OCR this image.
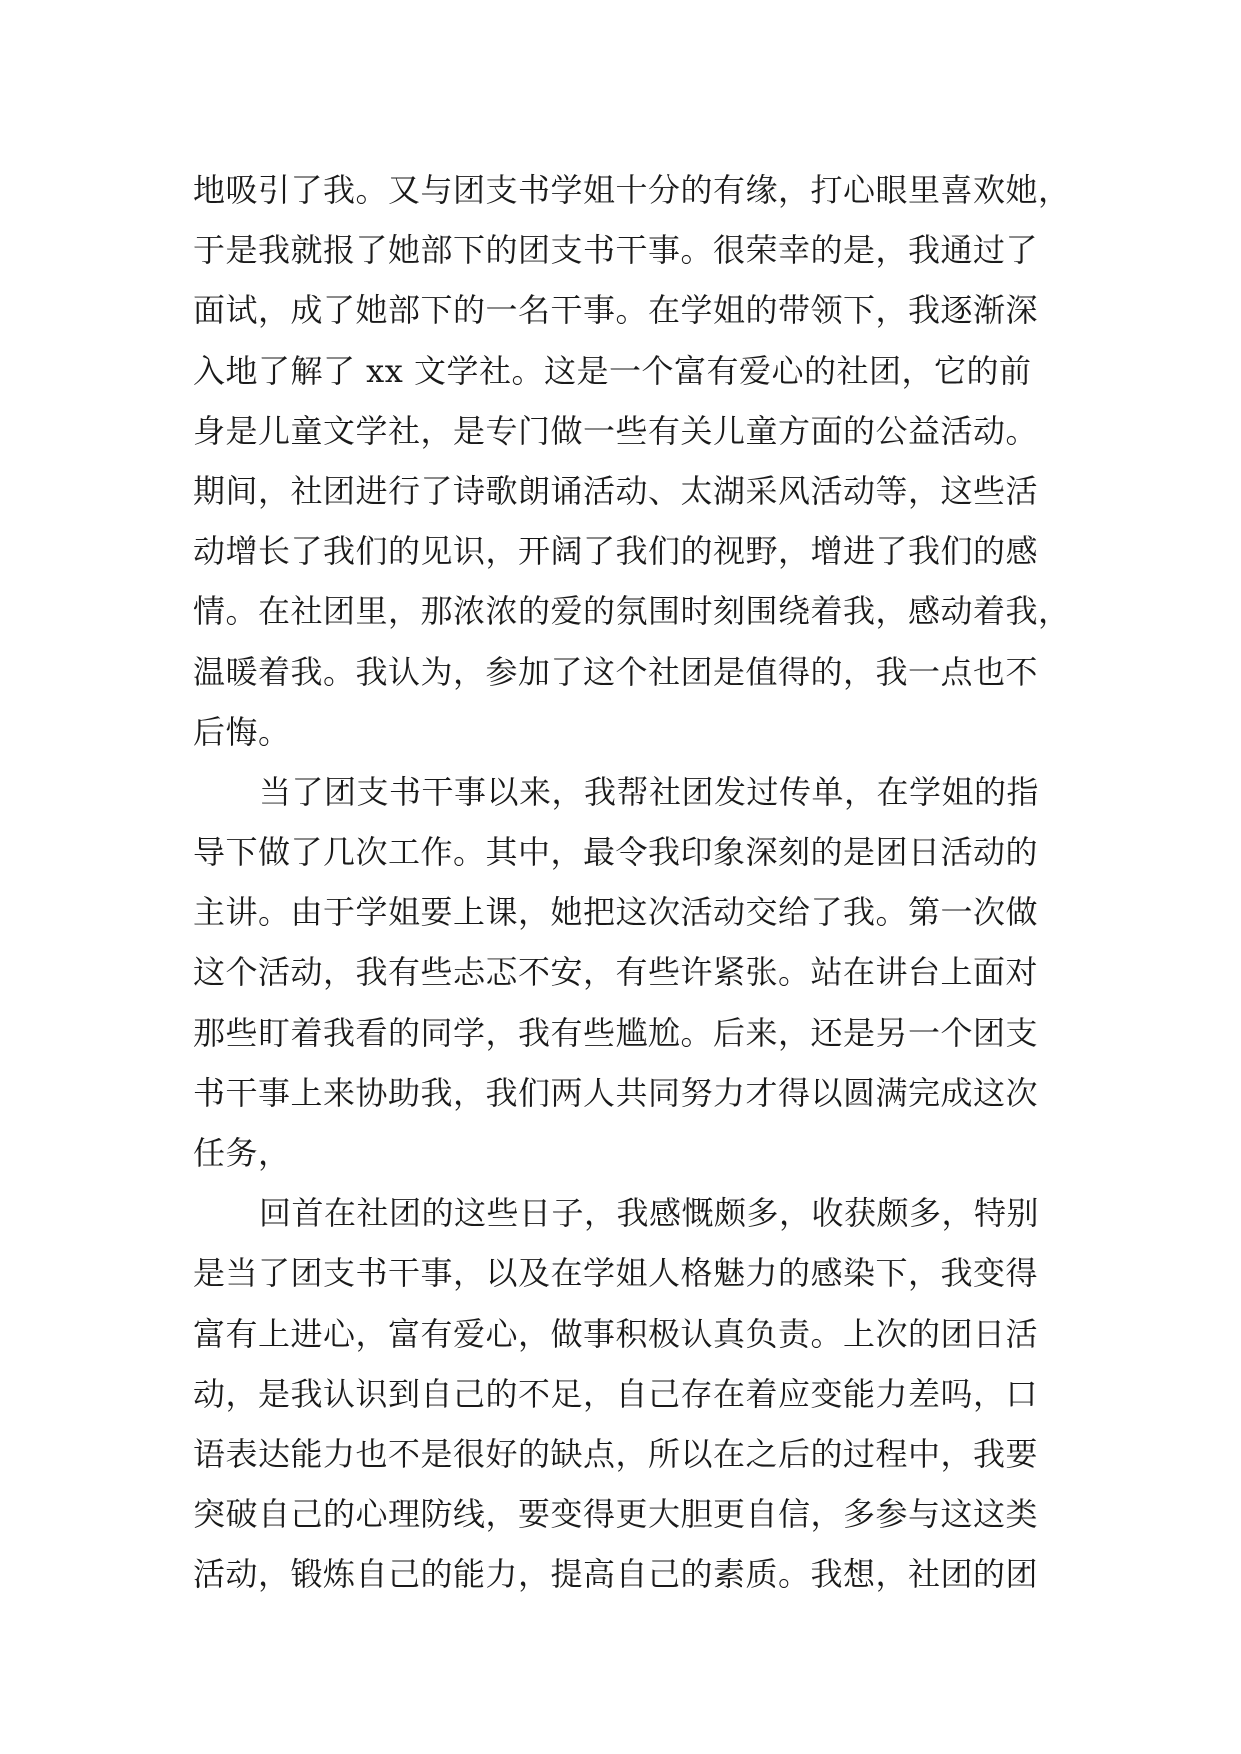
地吸引了我。又与团支书学姐十分的有缘，打心眼里喜欢她，
于是我就报了她部下的团支书干事。很荣幸的是，我通过了
面试，成了她部下的一名干事。在学姐的带领下，我逐渐深
入地了解了 xx 文学社。这是一个富有爱心的社团，它的前
身是儿童文学社，是专门做一些有关儿童方面的公益活动。
期间，社团进行了诗歌朗诵活动、太湖采风活动等，这些活
动增长了我们的见识，开阔了我们的视野，增进了我们的感
情。在社团里，那浓浓的爱的氛围时刻围绕着我，感动着我，
温暖着我。我认为，参加了这个社团是值得的，我一点也不
后悔。
当了团支书干事以来，我帮社团发过传单，在学姐的指
导下做了几次工作。其中，最令我印象深刻的是团日活动的
主讲。由于学姐要上课，她把这次活动交给了我。第一次做
这个活动，我有些忐忑不安，有些许紧张。站在讲台上面对
那些盯着我看的同学，我有些尴尬。后来，还是另一个团支
书干事上来协助我，我们两人共同努力才得以圆满完成这次
任务，
回首在社团的这些日子，我感慨颇多，收获颇多，特别
是当了团支书干事，以及在学姐人格魅力的感染下，我变得
富有上进心，富有爱心，做事积极认真负责。上次的团日活
动，是我认识到自己的不足，自己存在着应变能力差吗，口
语表达能力也不是很好的缺点，所以在之后的过程中，我要
突破自己的心理防线，要变得更大胆更自信，多参与这这类
活动，锻炼自己的能力，提高自己的素质。我想，社团的团
